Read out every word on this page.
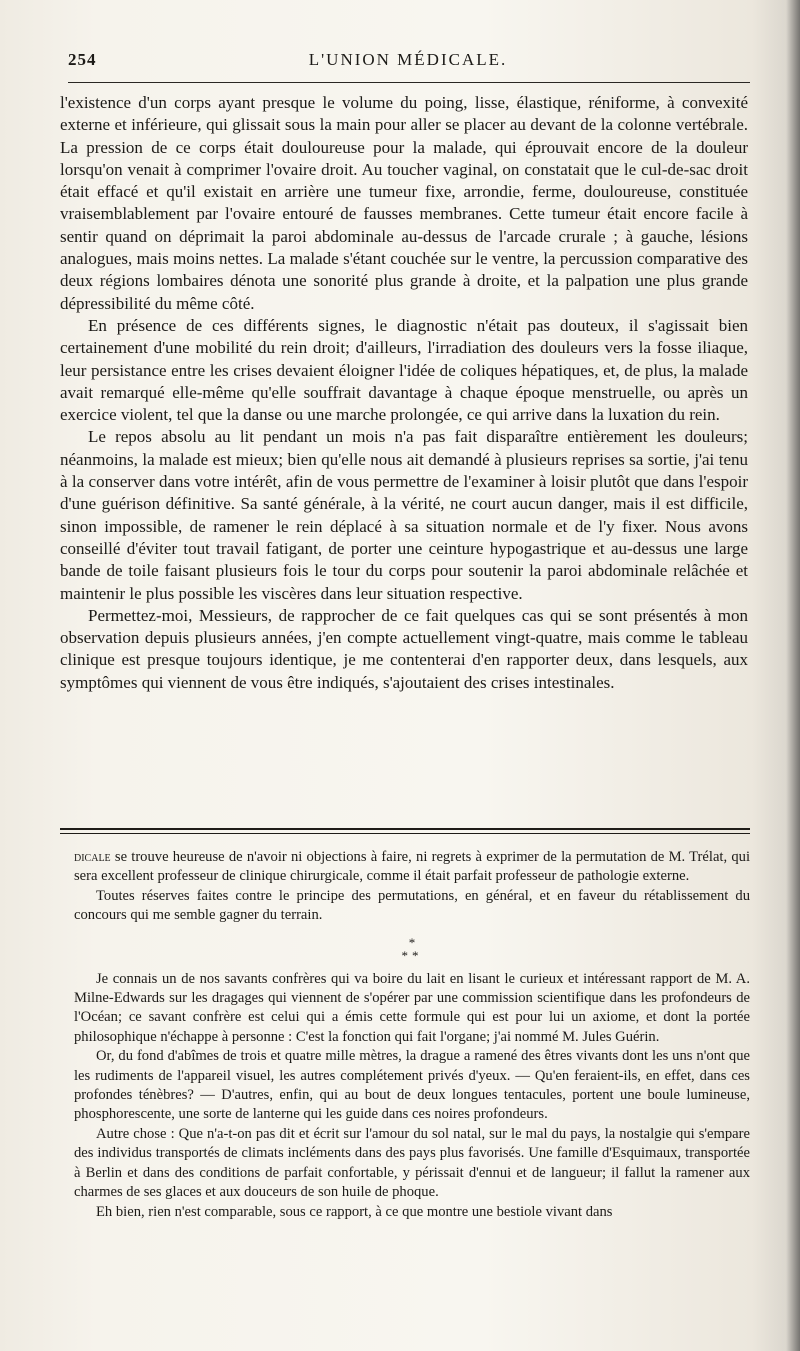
254	L'UNION MÉDICALE.

l'existence d'un corps ayant presque le volume du poing, lisse, élastique, réniforme, à convexité externe et inférieure, qui glissait sous la main pour aller se placer au devant de la colonne vertébrale. La pression de ce corps était douloureuse pour la malade, qui éprouvait encore de la douleur lorsqu'on venait à comprimer l'ovaire droit. Au toucher vaginal, on constatait que le cul-de-sac droit était effacé et qu'il existait en arrière une tumeur fixe, arrondie, ferme, douloureuse, constituée vraisemblablement par l'ovaire entouré de fausses membranes. Cette tumeur était encore facile à sentir quand on déprimait la paroi abdominale au-dessus de l'arcade crurale ; à gauche, lésions analogues, mais moins nettes. La malade s'étant couchée sur le ventre, la percussion comparative des deux régions lombaires dénota une sonorité plus grande à droite, et la palpation une plus grande dépressibilité du même côté.

En présence de ces différents signes, le diagnostic n'était pas douteux, il s'agissait bien certainement d'une mobilité du rein droit; d'ailleurs, l'irradiation des douleurs vers la fosse iliaque, leur persistance entre les crises devaient éloigner l'idée de coliques hépatiques, et, de plus, la malade avait remarqué elle-même qu'elle souffrait davantage à chaque époque menstruelle, ou après un exercice violent, tel que la danse ou une marche prolongée, ce qui arrive dans la luxation du rein.

Le repos absolu au lit pendant un mois n'a pas fait disparaître entièrement les douleurs; néanmoins, la malade est mieux; bien qu'elle nous ait demandé à plusieurs reprises sa sortie, j'ai tenu à la conserver dans votre intérêt, afin de vous permettre de l'examiner à loisir plutôt que dans l'espoir d'une guérison définitive. Sa santé générale, à la vérité, ne court aucun danger, mais il est difficile, sinon impossible, de ramener le rein déplacé à sa situation normale et de l'y fixer. Nous avons conseillé d'éviter tout travail fatigant, de porter une ceinture hypogastrique et au-dessus une large bande de toile faisant plusieurs fois le tour du corps pour soutenir la paroi abdominale relâchée et maintenir le plus possible les viscères dans leur situation respective.

Permettez-moi, Messieurs, de rapprocher de ce fait quelques cas qui se sont présentés à mon observation depuis plusieurs années, j'en compte actuellement vingt-quatre, mais comme le tableau clinique est presque toujours identique, je me contenterai d'en rapporter deux, dans lesquels, aux symptômes qui viennent de vous être indiqués, s'ajoutaient des crises intestinales.

dicale se trouve heureuse de n'avoir ni objections à faire, ni regrets à exprimer de la permutation de M. Trélat, qui sera excellent professeur de clinique chirurgicale, comme il était parfait professeur de pathologie externe.

Toutes réserves faites contre le principe des permutations, en général, et en faveur du rétablissement du concours qui me semble gagner du terrain.

*
**

Je connais un de nos savants confrères qui va boire du lait en lisant le curieux et intéressant rapport de M. A. Milne-Edwards sur les dragages qui viennent de s'opérer par une commission scientifique dans les profondeurs de l'Océan; ce savant confrère est celui qui a émis cette formule qui est pour lui un axiome, et dont la portée philosophique n'échappe à personne : C'est la fonction qui fait l'organe; j'ai nommé M. Jules Guérin.

Or, du fond d'abîmes de trois et quatre mille mètres, la drague a ramené des êtres vivants dont les uns n'ont que les rudiments de l'appareil visuel, les autres complétement privés d'yeux. — Qu'en feraient-ils, en effet, dans ces profondes ténèbres? — D'autres, enfin, qui au bout de deux longues tentacules, portent une boule lumineuse, phosphorescente, une sorte de lanterne qui les guide dans ces noires profondeurs.

Autre chose : Que n'a-t-on pas dit et écrit sur l'amour du sol natal, sur le mal du pays, la nostalgie qui s'empare des individus transportés de climats incléments dans des pays plus favorisés. Une famille d'Esquimaux, transportée à Berlin et dans des conditions de parfait confortable, y périssait d'ennui et de langueur; il fallut la ramener aux charmes de ses glaces et aux douceurs de son huile de phoque.

Eh bien, rien n'est comparable, sous ce rapport, à ce que montre une bestiole vivant dans
